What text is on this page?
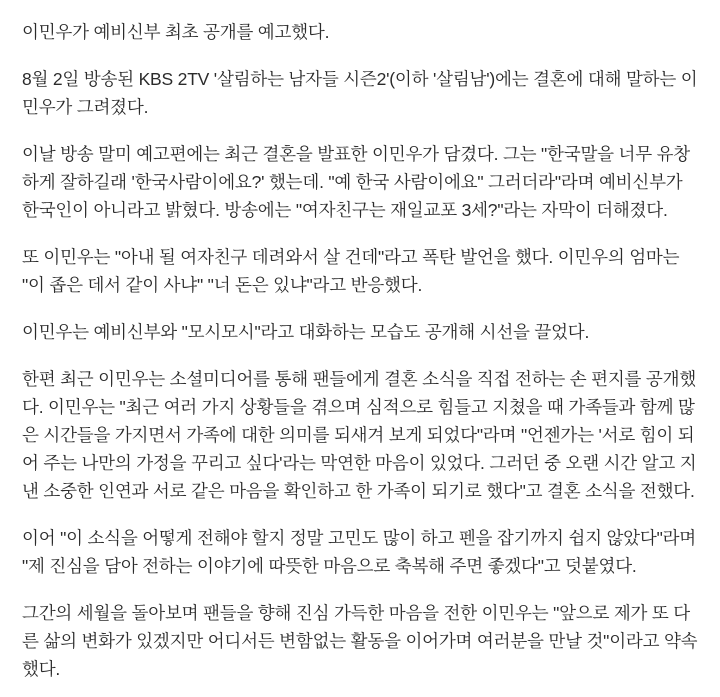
이민우가 예비신부 최초 공개를 예고했다.

8월 2일 방송된 KBS 2TV '살림하는 남자들 시즌2'(이하 '살림남')에는 결혼에 대해 말하는 이민우가 그려졌다.

이날 방송 말미 예고편에는 최근 결혼을 발표한 이민우가 담겼다. 그는 "한국말을 너무 유창하게 잘하길래 '한국사람이에요?' 했는데. "예 한국 사람이에요" 그러더라"라며 예비신부가 한국인이 아니라고 밝혔다. 방송에는 "여자친구는 재일교포 3세?"라는 자막이 더해졌다.

또 이민우는 "아내 될 여자친구 데려와서 살 건데"라고 폭탄 발언을 했다. 이민우의 엄마는 "이 좁은 데서 같이 사냐" "너 돈은 있냐"라고 반응했다.

이민우는 예비신부와 "모시모시"라고 대화하는 모습도 공개해 시선을 끌었다.

한편 최근 이민우는 소셜미디어를 통해 팬들에게 결혼 소식을 직접 전하는 손 편지를 공개했다. 이민우는 "최근 여러 가지 상황들을 겪으며 심적으로 힘들고 지쳤을 때 가족들과 함께 많은 시간들을 가지면서 가족에 대한 의미를 되새겨 보게 되었다"라며 "언젠가는 '서로 힘이 되어 주는 나만의 가정을 꾸리고 싶다'라는 막연한 마음이 있었다. 그러던 중 오랜 시간 알고 지낸 소중한 인연과 서로 같은 마음을 확인하고 한 가족이 되기로 했다"고 결혼 소식을 전했다.

이어 "이 소식을 어떻게 전해야 할지 정말 고민도 많이 하고 펜을 잡기까지 쉽지 않았다"라며 "제 진심을 담아 전하는 이야기에 따뜻한 마음으로 축복해 주면 좋겠다"고 덧붙였다.

그간의 세월을 돌아보며 팬들을 향해 진심 가득한 마음을 전한 이민우는 "앞으로 제가 또 다른 삶의 변화가 있겠지만 어디서든 변함없는 활동을 이어가며 여러분을 만날 것"이라고 약속했다.
